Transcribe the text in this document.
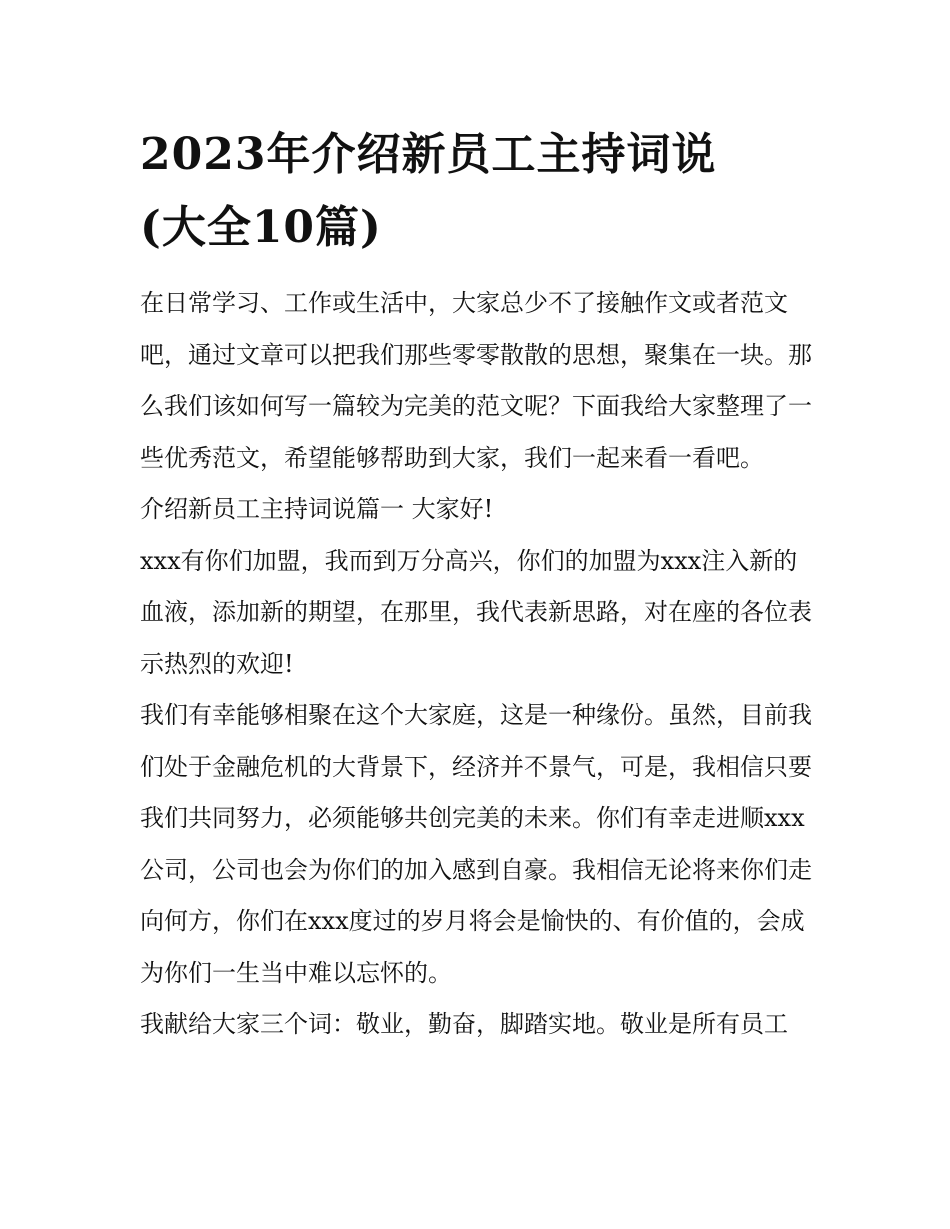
2023年介绍新员工主持词说
(大全10篇)

在日常学习、工作或生活中，大家总少不了接触作文或者范文吧，通过文章可以把我们那些零零散散的思想，聚集在一块。那么我们该如何写一篇较为完美的范文呢？下面我给大家整理了一些优秀范文，希望能够帮助到大家，我们一起来看一看吧。

介绍新员工主持词说篇一 大家好!

xxx有你们加盟，我而到万分高兴，你们的加盟为xxx注入新的血液，添加新的期望，在那里，我代表新思路，对在座的各位表示热烈的欢迎!

我们有幸能够相聚在这个大家庭，这是一种缘份。虽然，目前我们处于金融危机的大背景下，经济并不景气，可是，我相信只要我们共同努力，必须能够共创完美的未来。你们有幸走进顺xxx公司，公司也会为你们的加入感到自豪。我相信无论将来你们走向何方，你们在xxx度过的岁月将会是愉快的、有价值的，会成为你们一生当中难以忘怀的。

我献给大家三个词：敬业，勤奋，脚踏实地。敬业是所有员工
